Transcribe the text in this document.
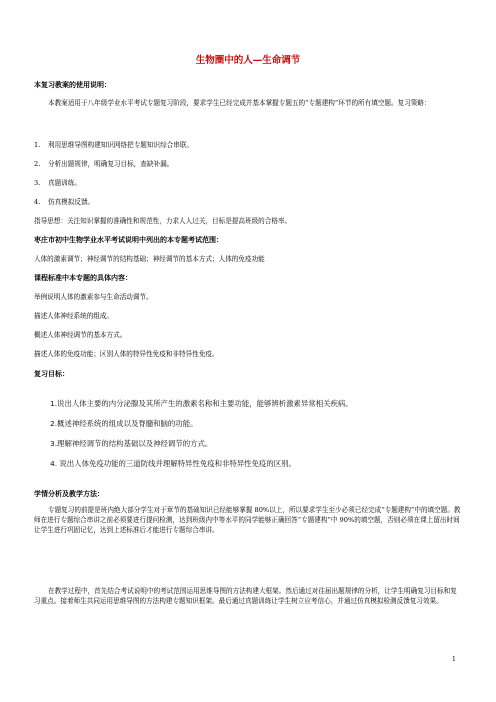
生物圈中的人—生命调节
本复习教案的使用说明：
本教案适用于八年级学业水平考试专题复习阶段，要求学生已经完成并基本掌握专题五的“专题建构”环节的所有填空题。复习策略：
1. 利用思维导图构建知识网络把专题知识综合串联。
2. 分析出题规律，明确复习目标，查缺补漏。
3. 真题训练。
4. 仿真模拟反馈。
指导思想：关注知识掌握的准确性和规范性，力求人人过关，目标是提高班级的合格率。
枣庄市初中生物学业水平考试说明中列出的本专题考试范围：
人体的激素调节；神经调节的结构基础；神经调节的基本方式；人体的免疫功能
课程标准中本专题的具体内容：
举例说明人体的激素参与生命活动调节。
描述人体神经系统的组成。
概述人体神经调节的基本方式。
描述人体的免疫功能；区别人体的特异性免疫和非特异性免疫。
复习目标：
1.说出人体主要的内分泌腺及其所产生的激素名称和主要功能，能够辨析激素异常相关疾病。
2.概述神经系统的组成以及脊髓和脑的功能。
3.理解神经调节的结构基础以及神经调节的方式。
4. 说出人体免疫功能的三道防线并理解特异性免疫和非特异性免疫的区别。
学情分析及教学方法：
专题复习的前提是班内绝大部分学生对于章节的基础知识已经能够掌握 80%以上，所以要求学生至少必须已经完成“专题建构”中的填空题。教师在进行专题综合串讲之前必须要进行提问检测，达到班级内中等水平的同学能够正确回答“专题建构”中 90%的填空题，否则必须在课上留出时间让学生进行巩固记忆，达到上述标准后才能进行专题综合串讲。
在教学过程中，首先结合考试说明中的考试范围运用思维导图的方法构建大框架。然后通过对往届出题规律的分析，让学生明确复习目标和复习重点。接着师生共同运用思维导图的方法构建专题知识框架。最后通过真题训练让学生树立应考信心，并通过仿真模拟检测反馈复习效果。
1
